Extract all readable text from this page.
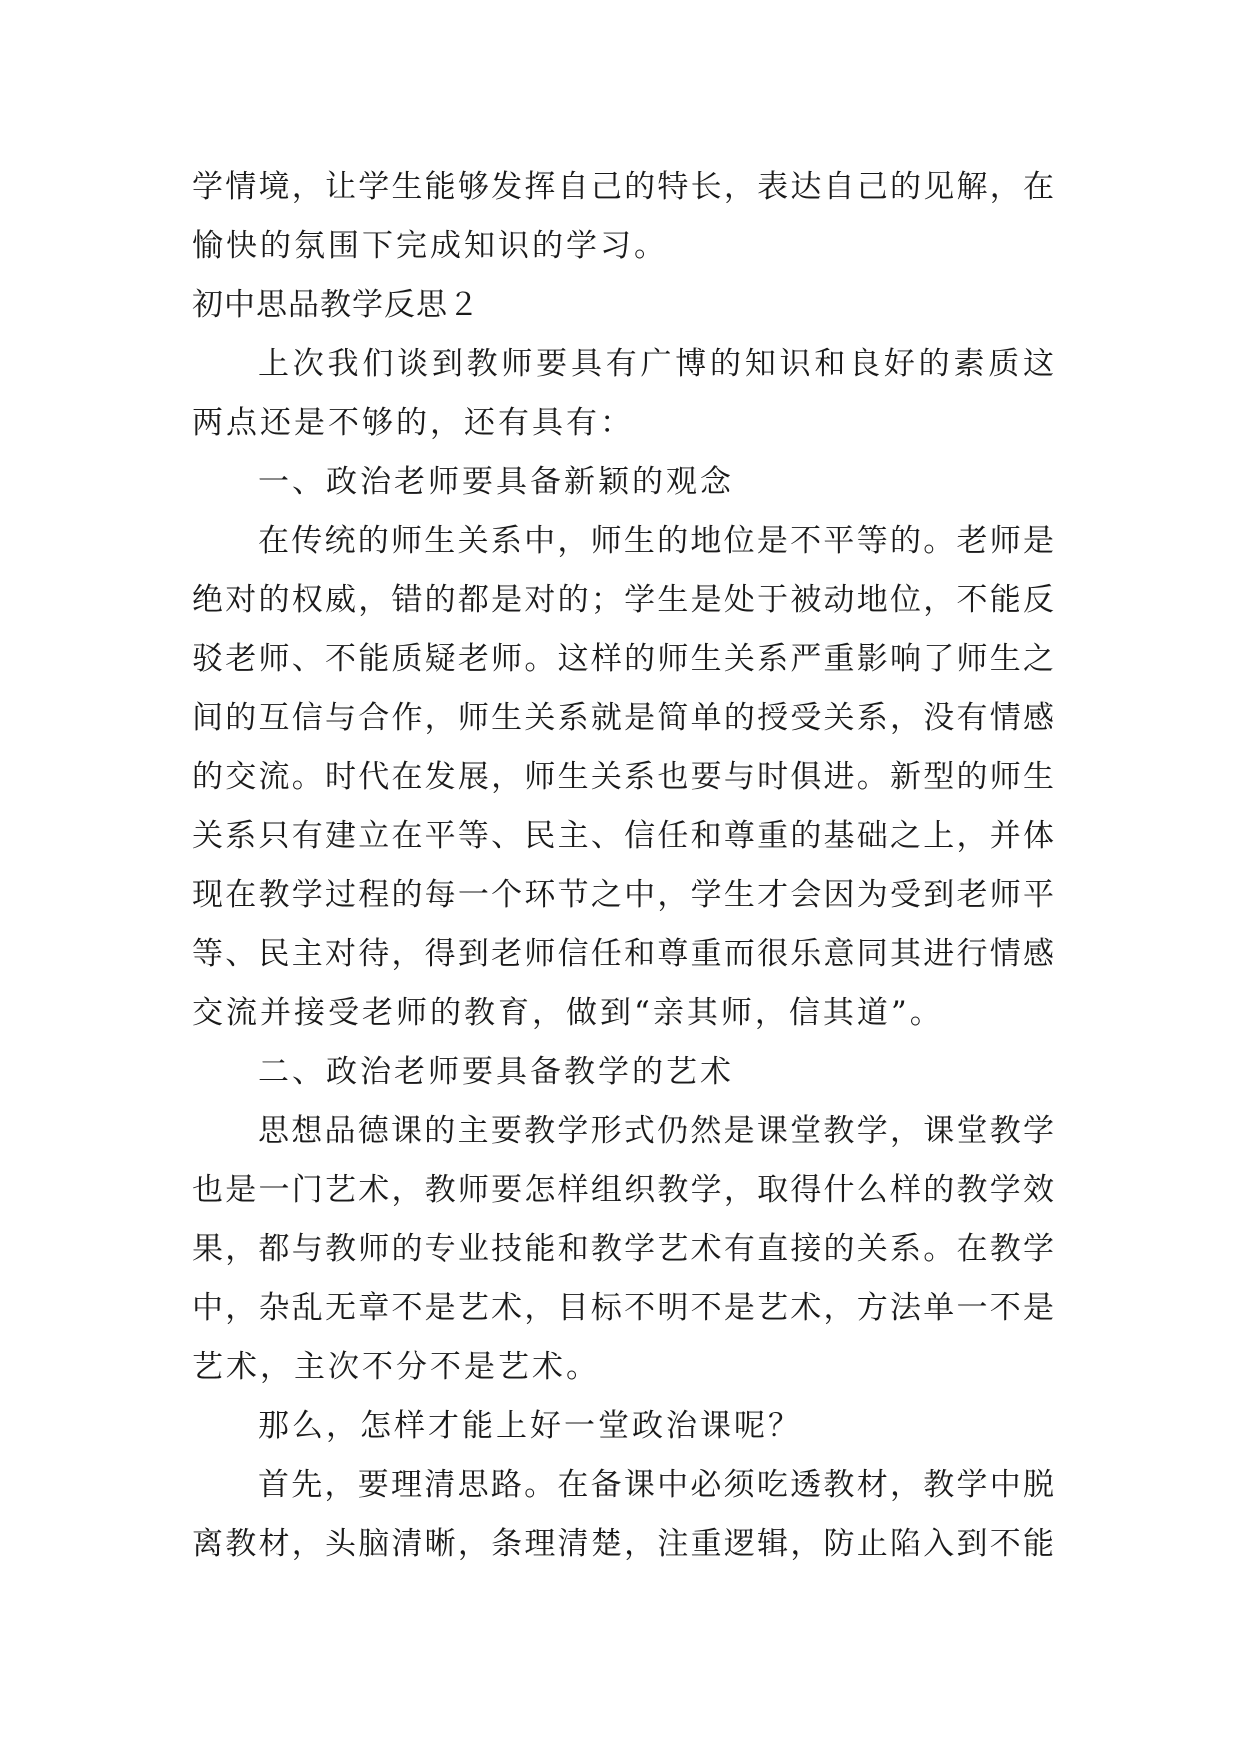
学情境，让学生能够发挥自己的特长，表达自己的见解，在
愉快的氛围下完成知识的学习。
初中思品教学反思２
上次我们谈到教师要具有广博的知识和良好的素质这
两点还是不够的，还有具有：
一、政治老师要具备新颖的观念
在传统的师生关系中，师生的地位是不平等的。老师是
绝对的权威，错的都是对的；学生是处于被动地位，不能反
驳老师、不能质疑老师。这样的师生关系严重影响了师生之
间的互信与合作，师生关系就是简单的授受关系，没有情感
的交流。时代在发展，师生关系也要与时俱进。新型的师生
关系只有建立在平等、民主、信任和尊重的基础之上，并体
现在教学过程的每一个环节之中，学生才会因为受到老师平
等、民主对待，得到老师信任和尊重而很乐意同其进行情感
交流并接受老师的教育，做到“亲其师，信其道”。
二、政治老师要具备教学的艺术
思想品德课的主要教学形式仍然是课堂教学，课堂教学
也是一门艺术，教师要怎样组织教学，取得什么样的教学效
果，都与教师的专业技能和教学艺术有直接的关系。在教学
中，杂乱无章不是艺术，目标不明不是艺术，方法单一不是
艺术，主次不分不是艺术。
那么，怎样才能上好一堂政治课呢？
首先，要理清思路。在备课中必须吃透教材，教学中脱
离教材，头脑清晰，条理清楚，注重逻辑，防止陷入到不能
